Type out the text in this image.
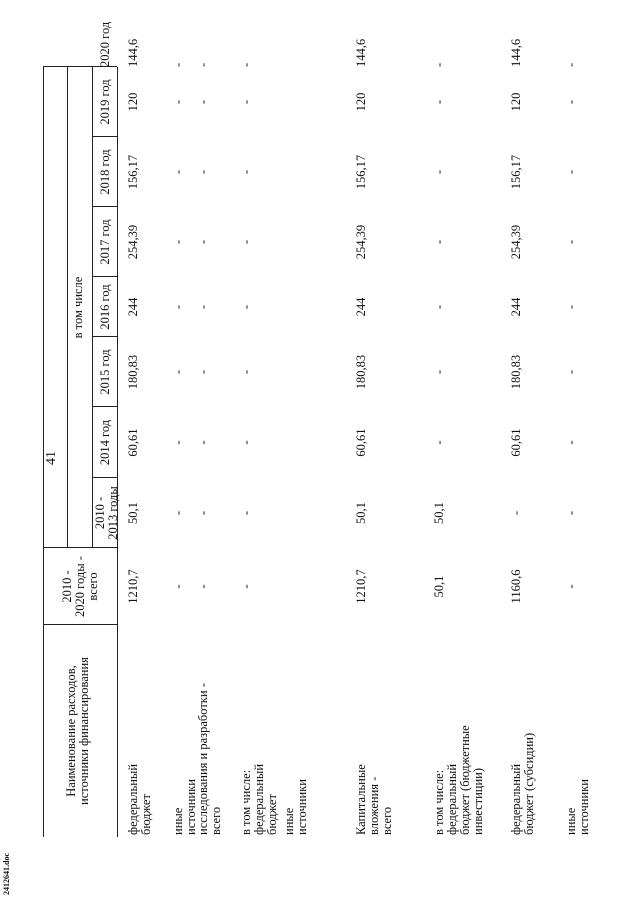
41
2412641.doc
Наименование расходов, источники финансирования
2010 - 2020 годы - всего
в том числе
2010 - 2013 годы
2014 год
2015 год
2016 год
2017 год
2018 год
2019 год
2020 год
федеральный бюджет
1210,7
50,1
60,61
180,83
244
254,39
156,17
120
144,6
иные источники
-
-
-
-
-
-
-
-
-
исследования и разработки - всего
-
-
-
-
-
-
-
-
-
в том числе: федеральный бюджет
-
-
-
-
-
-
-
-
-
иные источники	Капитальные вложения - всего
1210,7
50,1
60,61
180,83
244
254,39
156,17
120
144,6
в том числе: федеральный бюджет (бюджетные инвестиции)
50,1
50,1
-
-
-
-
-
-
-
федеральный бюджет (субсидии)
1160,6
-
60,61
180,83
244
254,39
156,17
120
144,6
иные источники
-
-
-
-
-
-
-
-
-
